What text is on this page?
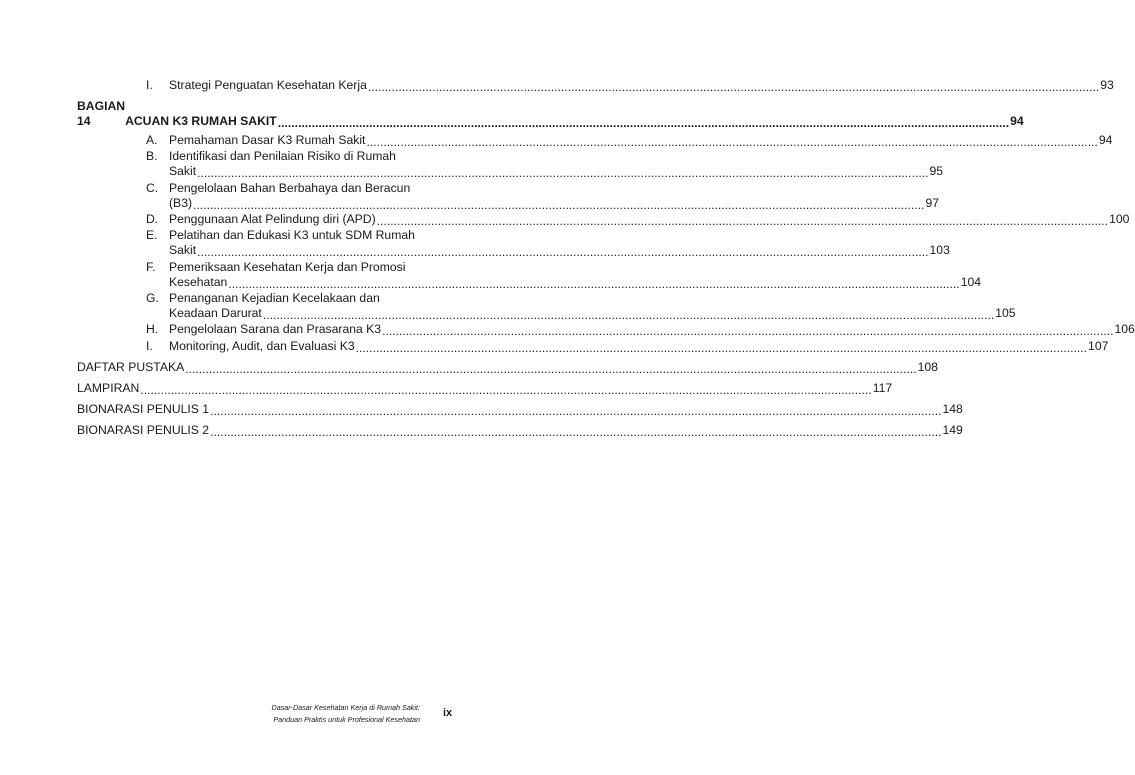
I.	Strategi Penguatan Kesehatan Kerja .....	93
BAGIAN 14	ACUAN K3 RUMAH SAKIT .....	94
A. Pemahaman Dasar K3 Rumah Sakit .....	94
B. Identifikasi dan Penilaian Risiko di Rumah
Sakit .....	95
C. Pengelolaan Bahan Berbahaya dan Beracun
(B3) .....	97
D. Penggunaan Alat Pelindung diri (APD) .....	100
E. Pelatihan dan Edukasi K3 untuk SDM Rumah
Sakit .....	103
F.	Pemeriksaan Kesehatan Kerja dan Promosi
Kesehatan .....	104
G. Penanganan Kejadian Kecelakaan dan
Keadaan Darurat .....	105
H. Pengelolaan Sarana dan Prasarana K3 .....	106
I.	Monitoring, Audit, dan Evaluasi K3 .....	107
DAFTAR PUSTAKA .....	108
LAMPIRAN .....	117
BIONARASI PENULIS 1 .....	148
BIONARASI PENULIS 2 .....	149
Dasar-Dasar Kesehatan Kerja di Rumah Sakit:
Panduan Praktis untuk Profesional Kesehatan
ix
